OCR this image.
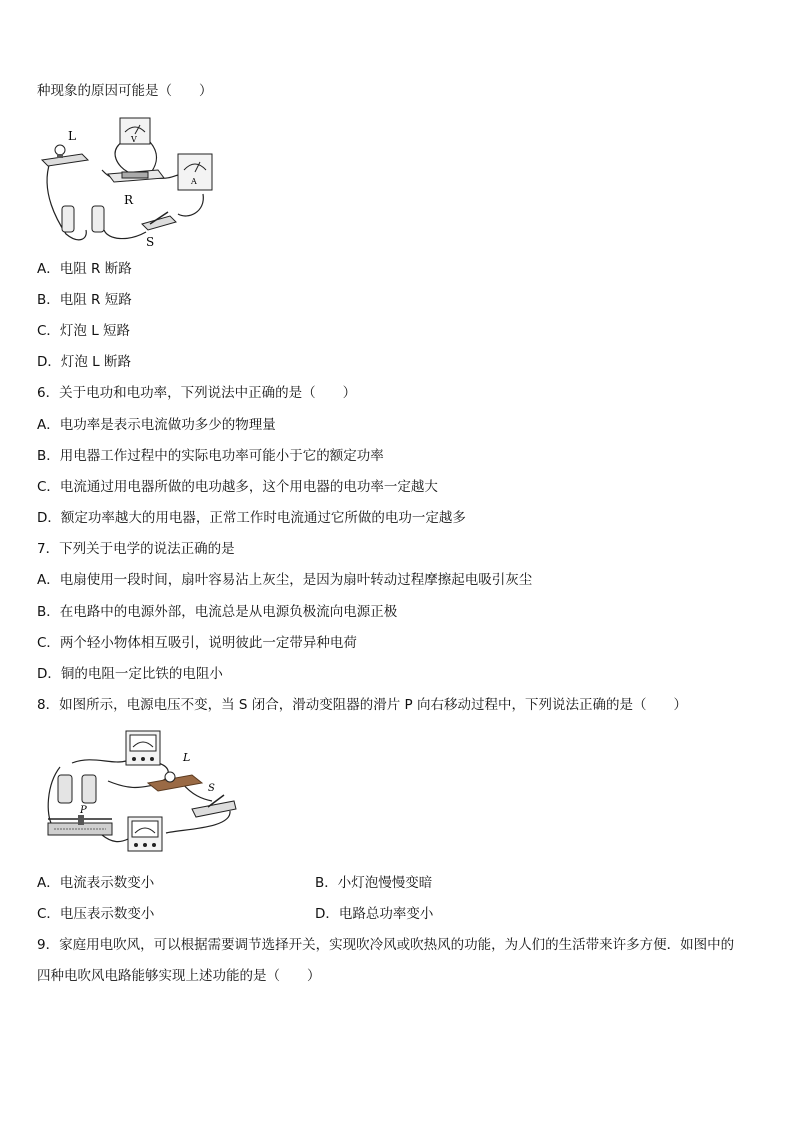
种现象的原因可能是（　　）
L	V
R
A
S
A．电阻 R 断路
B．电阻 R 短路
C．灯泡 L 短路
D．灯泡 L 断路
6．关于电功和电功率，下列说法中正确的是（　　）
A．电功率是表示电流做功多少的物理量
B．用电器工作过程中的实际电功率可能小于它的额定功率
C．电流通过用电器所做的电功越多，这个用电器的电功率一定越大
D．额定功率越大的用电器，正常工作时电流通过它所做的电功一定越多
7．下列关于电学的说法正确的是
A．电扇使用一段时间，扇叶容易沾上灰尘，是因为扇叶转动过程摩擦起电吸引灰尘
B．在电路中的电源外部，电流总是从电源负极流向电源正极
C．两个轻小物体相互吸引，说明彼此一定带异种电荷
D．铜的电阻一定比铁的电阻小
8．如图所示，电源电压不变，当 S 闭合，滑动变阻器的滑片 P 向右移动过程中，下列说法正确的是（　　）
L
S
P
A．电流表示数变小	B．小灯泡慢慢变暗
C．电压表示数变小	D．电路总功率变小
9．家庭用电吹风，可以根据需要调节选择开关，实现吹冷风或吹热风的功能，为人们的生活带来许多方便．如图中的
四种电吹风电路能够实现上述功能的是（　　）
